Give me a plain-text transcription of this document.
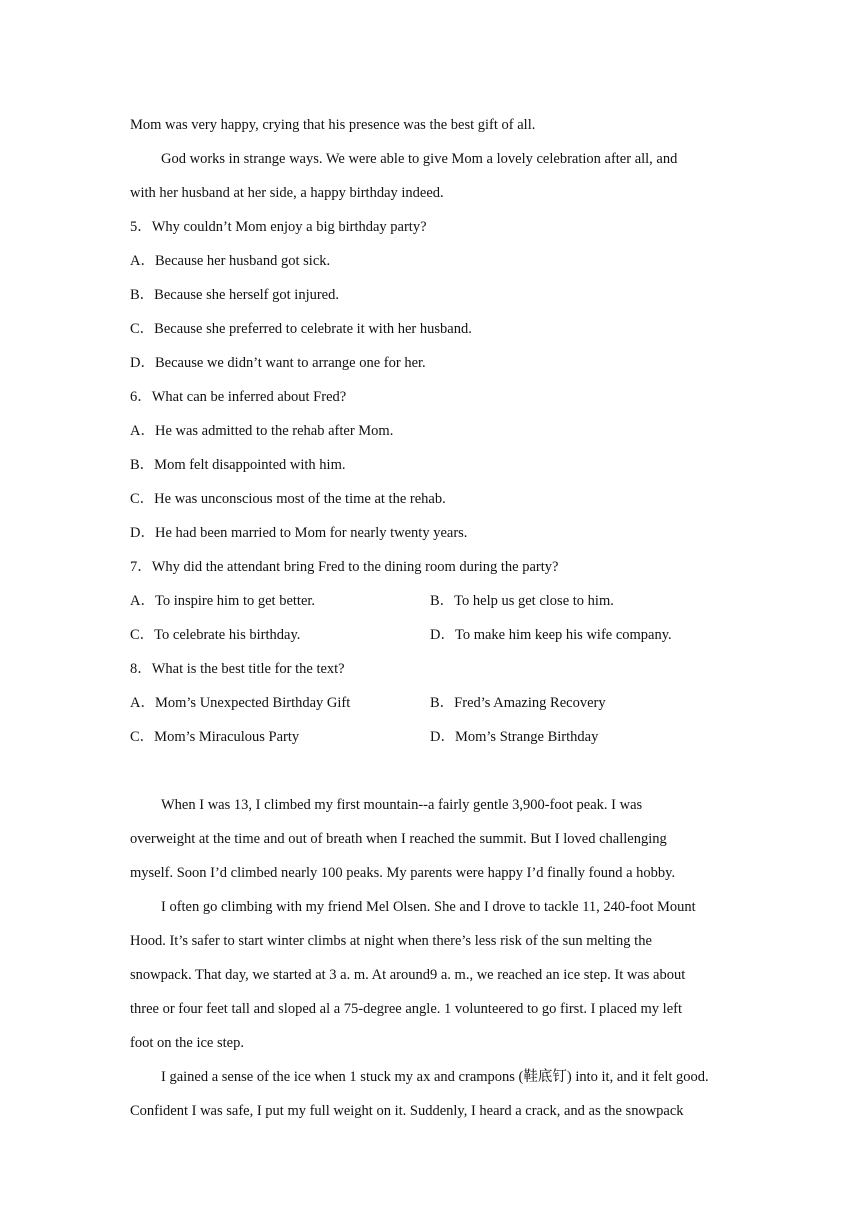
Mom was very happy, crying that his presence was the best gift of all.
God works in strange ways. We were able to give Mom a lovely celebration after all, and
with her husband at her side, a happy birthday indeed.
5．Why couldn’t Mom enjoy a big birthday party?
A．Because her husband got sick.
B．Because she herself got injured.
C．Because she preferred to celebrate it with her husband.
D．Because we didn’t want to arrange one for her.
6．What can be inferred about Fred?
A．He was admitted to the rehab after Mom.
B．Mom felt disappointed with him.
C．He was unconscious most of the time at the rehab.
D．He had been married to Mom for nearly twenty years.
7．Why did the attendant bring Fred to the dining room during the party?
A．To inspire him to get better.	B．To help us get close to him.
C．To celebrate his birthday.	D．To make him keep his wife company.
8．What is the best title for the text?
A．Mom’s Unexpected Birthday Gift	B．Fred’s Amazing Recovery
C．Mom’s Miraculous Party	D．Mom’s Strange Birthday
When I was 13, I climbed my first mountain--a fairly gentle 3,900-foot peak. I was
overweight at the time and out of breath when I reached the summit. But I loved challenging
myself. Soon I’d climbed nearly 100 peaks. My parents were happy I’d finally found a hobby.
I often go climbing with my friend Mel Olsen. She and I drove to tackle 11, 240-foot Mount
Hood. It’s safer to start winter climbs at night when there’s less risk of the sun melting the
snowpack. That day, we started at 3 a. m. At around9 a. m., we reached an ice step. It was about
three or four feet tall and sloped al a 75-degree angle. 1 volunteered to go first. I placed my left
foot on the ice step.
I gained a sense of the ice when 1 stuck my ax and crampons (鞋底钉) into it, and it felt good.
Confident I was safe, I put my full weight on it. Suddenly, I heard a crack, and as the snowpack
